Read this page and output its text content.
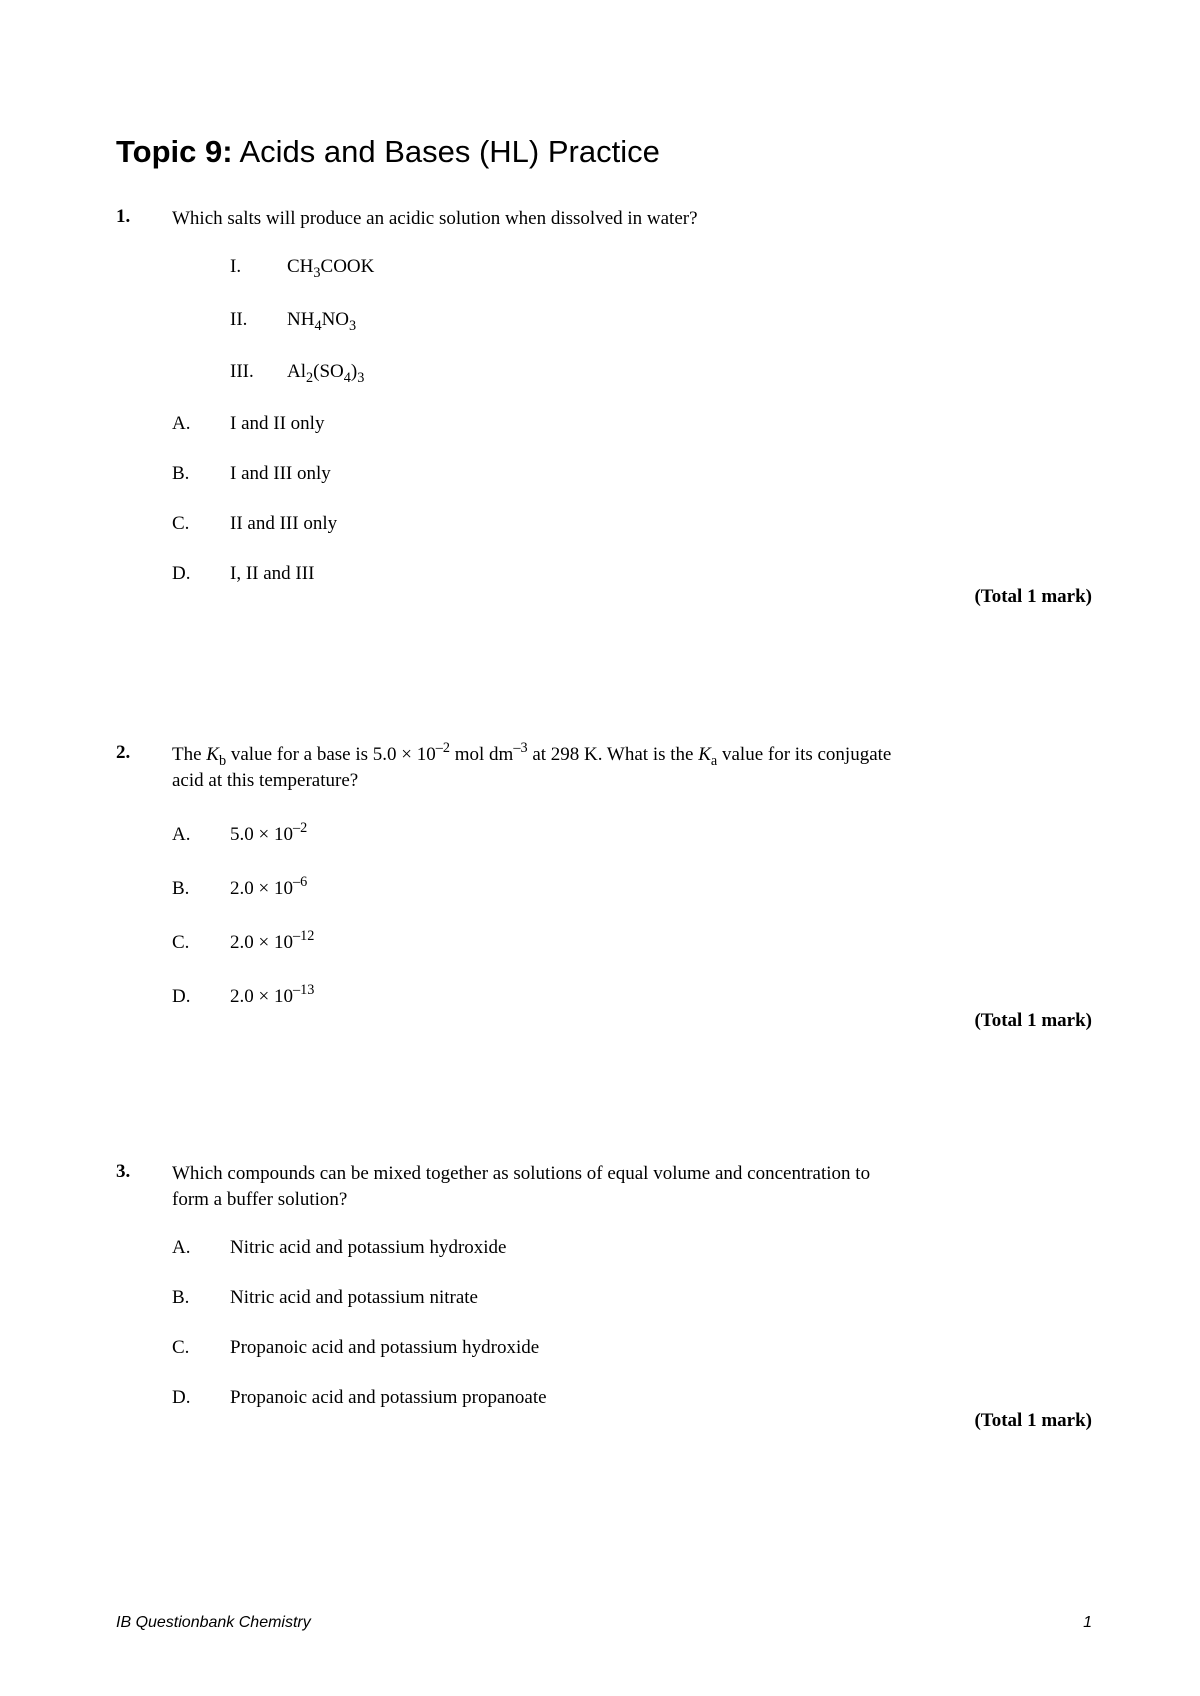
Topic 9: Acids and Bases (HL) Practice
1. Which salts will produce an acidic solution when dissolved in water?
I. $CH_3COOK$
II. $NH_4NO_3$
III. $Al_2(SO_4)_3$
A. I and II only
B. I and III only
C. II and III only
D. I, II and III
(Total 1 mark)
2. The $K_b$ value for a base is $5.0 \times 10^{-2}$ mol $dm^{-3}$ at 298 K. What is the $K_a$ value for its conjugate
acid at this temperature?
A. $5.0 \times 10^{-2}$
B. $2.0 \times 10^{-6}$
C. $2.0 \times 10^{-12}$
D. $2.0 \times 10^{-13}$
(Total 1 mark)
3. Which compounds can be mixed together as solutions of equal volume and concentration to
form a buffer solution?
A. Nitric acid and potassium hydroxide
B. Nitric acid and potassium nitrate
C. Propanoic acid and potassium hydroxide
D. Propanoic acid and potassium propanoate
(Total 1 mark)
IB Questionbank Chemistry	1
